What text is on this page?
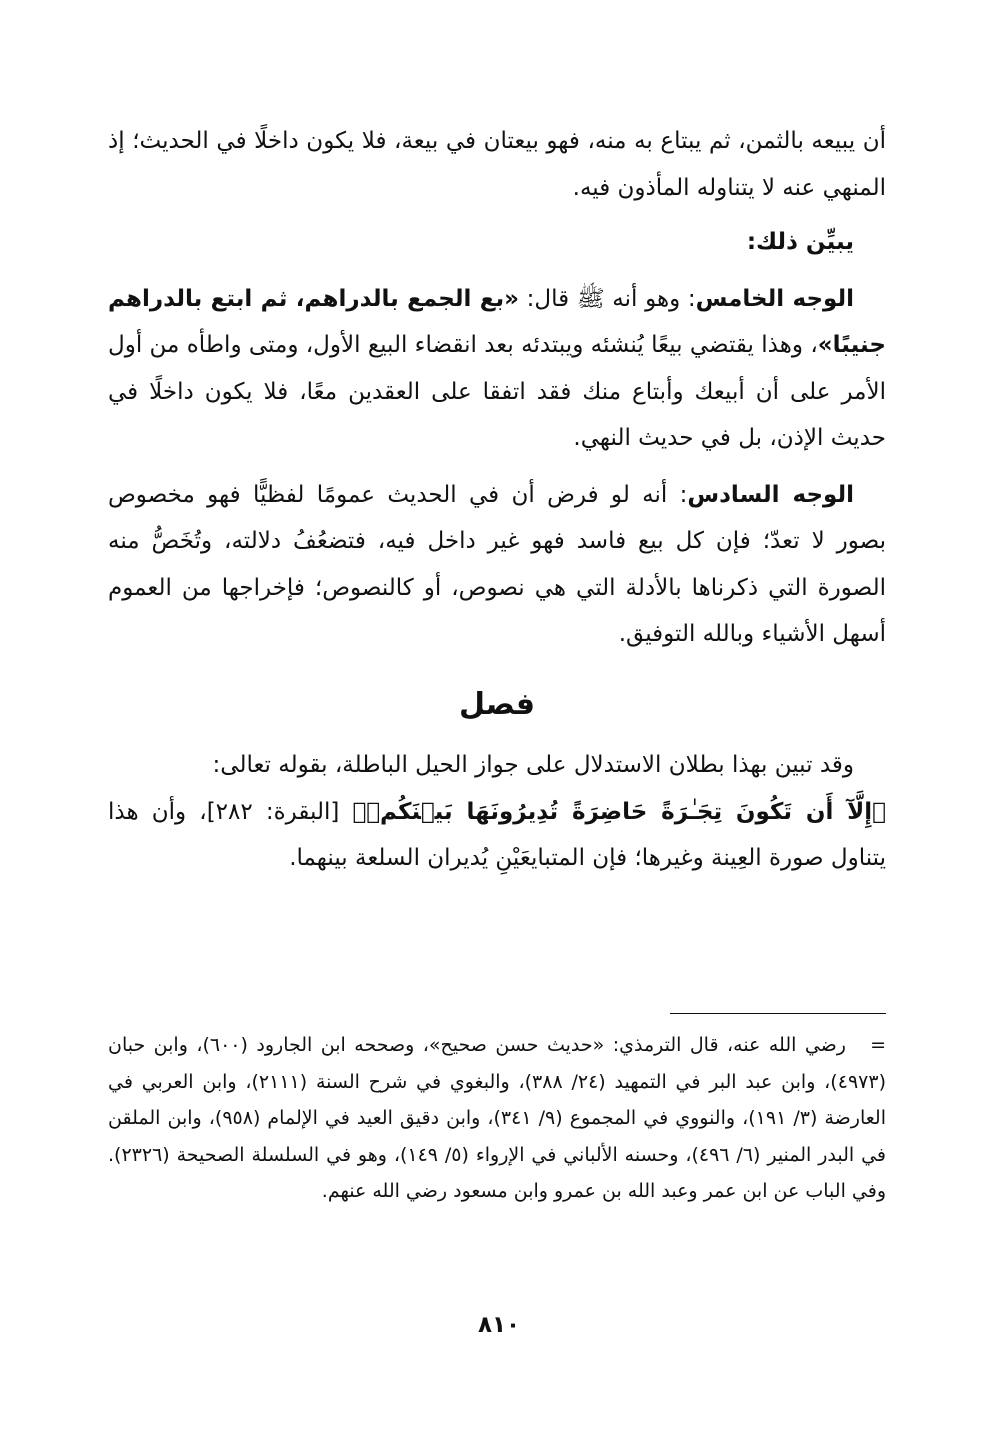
أن يبيعه بالثمن، ثم يبتاع به منه، فهو بيعتان في بيعة، فلا يكون داخلًا في الحديث؛ إذ المنهي عنه لا يتناوله المأذون فيه.

يبيِّن ذلك:

الوجه الخامس: وهو أنه ﷺ قال: «بع الجمع بالدراهم، ثم ابتع بالدراهم جنيبًا»، وهذا يقتضي بيعًا يُنشئه ويبتدئه بعد انقضاء البيع الأول، ومتى واطأه من أول الأمر على أن أبيعك وأبتاع منك فقد اتفقا على العقدين معًا، فلا يكون داخلًا في حديث الإذن، بل في حديث النهي.

الوجه السادس: أنه لو فرض أن في الحديث عمومًا لفظيًّا فهو مخصوص بصور لا تعدّ؛ فإن كل بيع فاسد فهو غير داخل فيه، فتضعُفُ دلالته، وتُخَصُّ منه الصورة التي ذكرناها بالأدلة التي هي نصوص، أو كالنصوص؛ فإخراجها من العموم أسهل الأشياء وبالله التوفيق.

فصل

وقد تبين بهذا بطلان الاستدلال على جواز الحيل الباطلة، بقوله تعالى:

﴿إِلَّآ أَن تَكُونَ تِجَـٰرَةً حَاضِرَةً تُدِيرُونَهَا بَيۡنَكُمۡ﴾ [البقرة: ٢٨٢]، وأن هذا يتناول صورة العِينة وغيرها؛ فإن المتبايعَيْنِ يُديران السلعة بينهما.

=رضي الله عنه، قال الترمذي: «حديث حسن صحيح»، وصححه ابن الجارود (٦٠٠)، وابن حبان (٤٩٧٣)، وابن عبد البر في التمهيد (٢٤/ ٣٨٨)، والبغوي في شرح السنة (٢١١١)، وابن العربي في العارضة (٣/ ١٩١)، والنووي في المجموع (٩/ ٣٤١)، وابن دقيق العيد في الإلمام (٩٥٨)، وابن الملقن في البدر المنير (٦/ ٤٩٦)، وحسنه الألباني في الإرواء (٥/ ١٤٩)، وهو في السلسلة الصحيحة (٢٣٢٦). وفي الباب عن ابن عمر وعبد الله بن عمرو وابن مسعود رضي الله عنهم.

٨١٠
